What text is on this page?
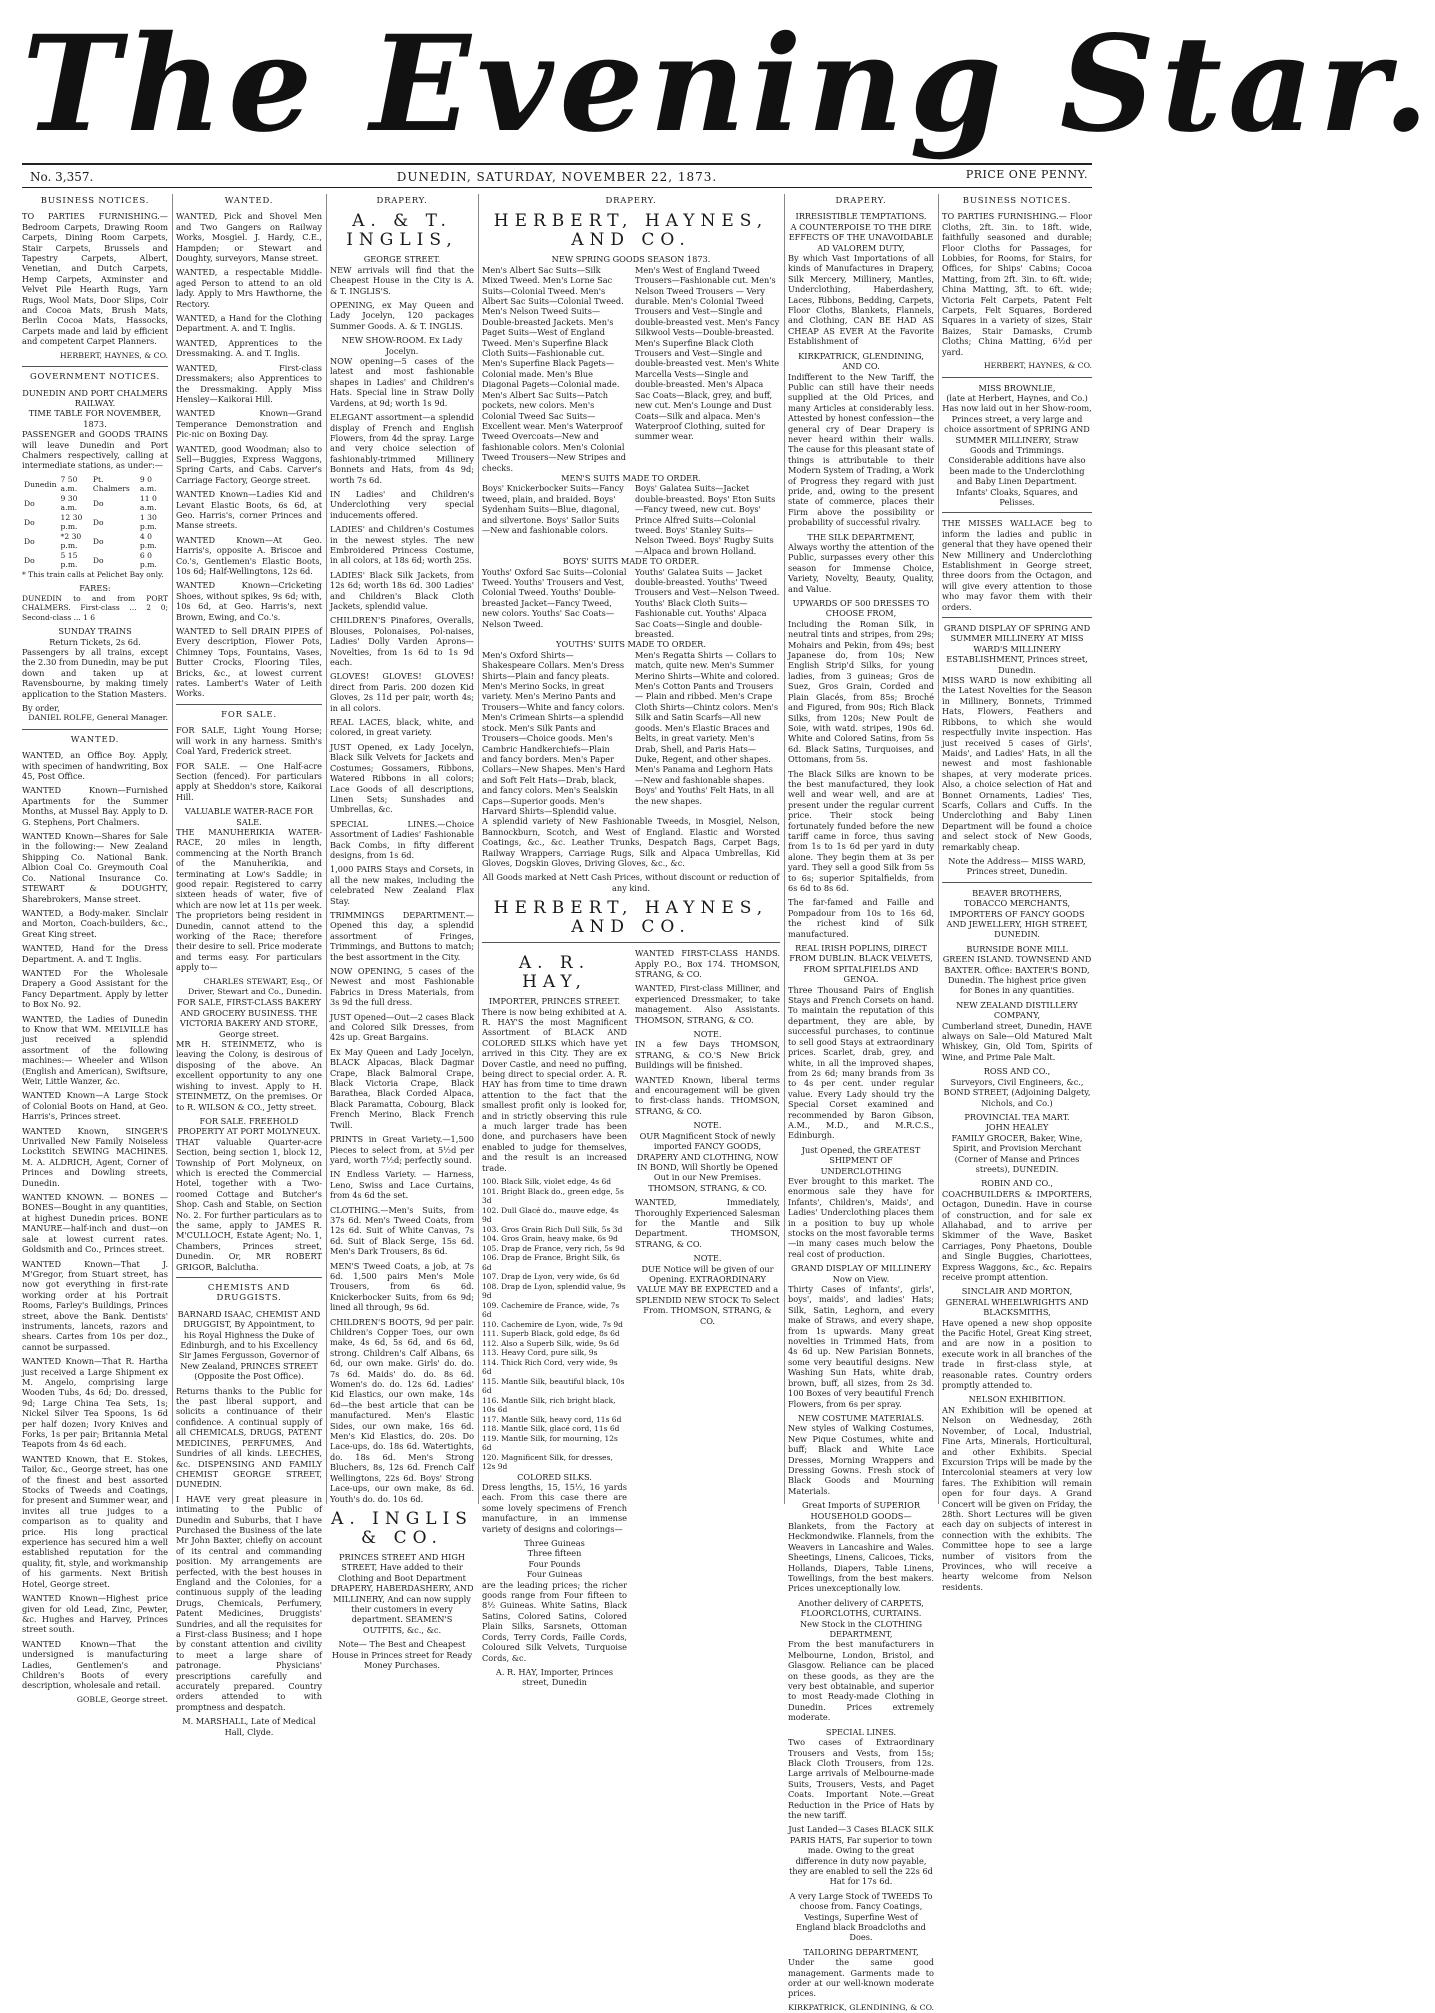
The Evening Star.
PRICE ONE PENNY.
No. 3,357.	DUNEDIN, SATURDAY, NOVEMBER 22, 1873.
BUSINESS NOTICES.

TO PARTIES FURNISHING.— Bedroom Carpets, Drawing Room Carpets, Dining Room Carpets, Stair Carpets, Brussels and Tapestry Carpets, Albert, Venetian, and Dutch Carpets, Hemp Carpets, Axminster and Velvet Pile Hearth Rugs, Yarn Rugs, Wool Mats, Door Slips, Coir and Cocoa Mats, Brush Mats, Berlin Cocoa Mats, Hassocks, Carpets made and laid by efficient and competent Carpet Planners.

HERBERT, HAYNES, & CO.
GOVERNMENT NOTICES.
DUNEDIN AND PORT CHALMERS RAILWAY.
TIME TABLE FOR NOVEMBER, 1873.

PASSENGER and GOODS TRAINS will leave Dunedin and Port Chalmers respectively, calling at intermediate stations, as under:—

Dunedin	7 50 a.m.	Pt. Chalmers	9 0 a.m.
Do	9 30 a.m.	Do	11 0 a.m.
Do	12 30 p.m.	Do	1 30 p.m.
Do	*2 30 p.m.	Do	4 0 p.m.
Do	5 15 p.m.	Do	6 0 p.m.

* This train calls at Pelichet Bay only.

FARES:

DUNEDIN to and from PORT CHALMERS. First-class ... 2 0; Second-class ... 1 6

SUNDAY TRAINS
Return Tickets, 2s 6d.

Passengers by all trains, except the 2.30 from Dunedin, may be put down and taken up at Ravensbourne, by making timely application to the Station Masters.

By order,
DANIEL ROLFE, General Manager.
WANTED.

WANTED, an Office Boy. Apply, with specimen of handwriting, Box 45, Post Office.

WANTED Known—Furnished Apartments for the Summer Months, at Mussel Bay. Apply to D. G. Stephens, Port Chalmers.

WANTED Known—Shares for Sale in the following:— New Zealand Shipping Co. National Bank. Albion Coal Co. Greymouth Coal Co. National Insurance Co. STEWART & DOUGHTY, Sharebrokers, Manse street.

WANTED, a Body-maker. Sinclair and Morton, Coach-builders, &c., Great King street.

WANTED, Hand for the Dress Department. A. and T. Inglis.

WANTED For the Wholesale Drapery a Good Assistant for the Fancy Department. Apply by letter to Box No. 92.

WANTED, the Ladies of Dunedin to Know that WM. MELVILLE has just received a splendid assortment of the following machines:— Wheeler and Wilson (English and American), Swiftsure, Weir, Little Wanzer, &c.

WANTED Known—A Large Stock of Colonial Boots on Hand, at Geo. Harris's, Princes street.

WANTED Known, SINGER'S Unrivalled New Family Noiseless Lockstitch SEWING MACHINES. M. A. ALDRICH, Agent, Corner of Princes and Dowling streets, Dunedin.

WANTED KNOWN. — BONES — BONES—Bought in any quantities, at highest Dunedin prices. BONE MANURE—half-inch and dust—on sale at lowest current rates. Goldsmith and Co., Princes street.

WANTED Known—That J. M'Gregor, from Stuart street, has now got everything in first-rate working order at his Portrait Rooms, Farley's Buildings, Princes street, above the Bank. Dentists' instruments, lancets, razors and shears. Cartes from 10s per doz., cannot be surpassed.

WANTED Known—That R. Hartha just received a Large Shipment ex M. Angelo, comprising large Wooden Tubs, 4s 6d; Do. dressed, 9d; Large China Tea Sets, 1s; Nickel Silver Tea Spoons, 1s 6d per half dozen; Ivory Knives and Forks, 1s per pair; Britannia Metal Teapots from 4s 6d each.

WANTED Known, that E. Stokes, Tailor, &c., George street, has one of the finest and best assorted Stocks of Tweeds and Coatings, for present and Summer wear, and invites all true judges to a comparison as to quality and price. His long practical experience has secured him a well established reputation for the quality, fit, style, and workmanship of his garments. Next British Hotel, George street.

WANTED Known—Highest price given for old Lead, Zinc, Pewter, &c. Hughes and Harvey, Princes street south.

WANTED Known—That the undersigned is manufacturing Ladies, Gentlemen's and Children's Boots of every description, wholesale and retail.

GOBLE, George street.
WANTED.

WANTED, Pick and Shovel Men and Two Gangers on Railway Works, Mosgiel. J. Hardy, C.E., Hampden; or Stewart and Doughty, surveyors, Manse street.

WANTED, a respectable Middle-aged Person to attend to an old lady. Apply to Mrs Hawthorne, the Rectory.

WANTED, a Hand for the Clothing Department. A. and T. Inglis.

WANTED, Apprentices to the Dressmaking. A. and T. Inglis.

WANTED, First-class Dressmakers; also Apprentices to the Dressmaking. Apply Miss Hensley—Kaikorai Hill.

WANTED Known—Grand Temperance Demonstration and Pic-nic on Boxing Day.

WANTED, good Woodman; also to Sell—Buggies, Express Waggons, Spring Carts, and Cabs. Carver's Carriage Factory, George street.

WANTED Known—Ladies Kid and Levant Elastic Boots, 6s 6d, at Geo. Harris's, corner Princes and Manse streets.

WANTED Known—At Geo. Harris's, opposite A. Briscoe and Co.'s, Gentlemen's Elastic Boots, 10s 6d; Half-Wellingtons, 12s 6d.

WANTED Known—Cricketing Shoes, without spikes, 9s 6d; with, 10s 6d, at Geo. Harris's, next Brown, Ewing, and Co.'s.

WANTED to Sell DRAIN PIPES of Every description, Flower Pots, Chimney Tops, Fountains, Vases, Butter Crocks, Flooring Tiles, Bricks, &c., at lowest current rates. Lambert's Water of Leith Works.

FOR SALE.

FOR SALE, Light Young Horse; will work in any harness. Smith's Coal Yard, Frederick street.

FOR SALE. — One Half-acre Section (fenced). For particulars apply at Sheddon's store, Kaikorai Hill.

VALUABLE WATER-RACE FOR SALE.

THE MANUHERIKIA WATER-RACE, 20 miles in length, commencing at the North Branch of the Manuherikia, and terminating at Low's Saddle; in good repair. Registered to carry sixteen heads of water, five of which are now let at 11s per week. The proprietors being resident in Dunedin, cannot attend to the working of the Race; therefore their desire to sell. Price moderate and terms easy. For particulars apply to—

CHARLES STEWART, Esq., Of Driver, Stewart and Co., Dunedin.
FOR SALE, FIRST-CLASS BAKERY AND GROCERY BUSINESS. THE VICTORIA BAKERY AND STORE, George street.

MR H. STEINMETZ, who is leaving the Colony, is desirous of disposing of the above. An excellent opportunity to any one wishing to invest. Apply to H. STEINMETZ, On the premises. Or to R. WILSON & CO., Jetty street.

FOR SALE. FREEHOLD PROPERTY AT PORT MOLYNEUX.

THAT valuable Quarter-acre Section, being section 1, block 12, Township of Port Molyneux, on which is erected the Commercial Hotel, together with a Two-roomed Cottage and Butcher's Shop. Cash and Stable, on Section No. 2. For further particulars as to the same, apply to JAMES R. M'CULLOCH, Estate Agent; No. 1, Chambers, Princes street, Dunedin. Or, MR ROBERT GRIGOR, Balclutha.

CHEMISTS AND DRUGGISTS.

BARNARD ISAAC, CHEMIST AND DRUGGIST, By Appointment, to his Royal Highness the Duke of Edinburgh, and to his Excellency Sir James Fergusson, Governor of New Zealand, PRINCES STREET (Opposite the Post Office).

Returns thanks to the Public for the past liberal support, and solicits a continuance of their confidence. A continual supply of all CHEMICALS, DRUGS, PATENT MEDICINES, PERFUMES, And Sundries of all kinds. LEECHES, &c. DISPENSING AND FAMILY CHEMIST GEORGE STREET, DUNEDIN.

I HAVE very great pleasure in intimating to the Public of Dunedin and Suburbs, that I have Purchased the Business of the late Mr John Baxter, chiefly on account of its central and commanding position. My arrangements are perfected, with the best houses in England and the Colonies, for a continuous supply of the leading Drugs, Chemicals, Perfumery, Patent Medicines, Druggists' Sundries, and all the requisites for a First-class Business; and I hope by constant attention and civility to meet a large share of patronage. Physicians' prescriptions carefully and accurately prepared. Country orders attended to with promptness and despatch.

M. MARSHALL, Late of Medical Hall, Clyde.
DRAPERY.
A. & T. INGLIS,
GEORGE STREET.

NEW arrivals will find that the Cheapest House in the City is A. & T. INGLIS'S.

OPENING, ex May Queen and Lady Jocelyn, 120 packages Summer Goods. A. & T. INGLIS.

NEW SHOW-ROOM. Ex Lady Jocelyn.

NOW opening—5 cases of the latest and most fashionable shapes in Ladies' and Children's Hats. Special line in Straw Dolly Vardens, at 9d; worth 1s 9d.

ELEGANT assortment—a splendid display of French and English Flowers, from 4d the spray. Large and very choice selection of fashionably-trimmed Millinery Bonnets and Hats, from 4s 9d; worth 7s 6d.

IN Ladies' and Children's Underclothing very special inducements offered.

LADIES' and Children's Costumes in the newest styles. The new Embroidered Princess Costume, in all colors, at 18s 6d; worth 25s.

LADIES' Black Silk Jackets, from 12s 6d; worth 18s 6d. 300 Ladies' and Children's Black Cloth Jackets, splendid value.

CHILDREN'S Pinafores, Overalls, Blouses, Polonaises, Pol-naises, Ladies' Dolly Varden Aprons—Novelties, from 1s 6d to 1s 9d each.

GLOVES! GLOVES! GLOVES! direct from Paris. 200 dozen Kid Gloves, 2s 11d per pair, worth 4s; in all colors.

REAL LACES, black, white, and colored, in great variety.

JUST Opened, ex Lady Jocelyn, Black Silk Velvets for Jackets and Costumes; Gossamers, Ribbons, Watered Ribbons in all colors; Lace Goods of all descriptions, Linen Sets; Sunshades and Umbrellas, &c.

SPECIAL LINES.—Choice Assortment of Ladies' Fashionable Back Combs, in fifty different designs, from 1s 6d.

1,000 PAIRS Stays and Corsets, in all the new makes, including the celebrated New Zealand Flax Stay.

TRIMMINGS DEPARTMENT.—Opened this day, a splendid assortment of Fringes, Trimmings, and Buttons to match; the best assortment in the City.

NOW OPENING, 5 cases of the Newest and most Fashionable Fabrics in Dress Materials, from 3s 9d the full dress.

JUST Opened—Out—2 cases Black and Colored Silk Dresses, from 42s up. Great Bargains.

Ex May Queen and Lady Jocelyn, BLACK Alpacas, Black Dagmar Crape, Black Balmoral Crape, Black Victoria Crape, Black Barathea, Black Corded Alpaca, Black Paramatta, Cobourg, Black French Merino, Black French Twill.

PRINTS in Great Variety.—1,500 Pieces to select from, at 5½d per yard, worth 7½d; perfectly sound.

IN Endless Variety. — Harness, Leno, Swiss and Lace Curtains, from 4s 6d the set.

CLOTHING.—Men's Suits, from 37s 6d. Men's Tweed Coats, from 12s 6d. Suit of White Canvas, 7s 6d. Suit of Black Serge, 15s 6d. Men's Dark Trousers, 8s 6d.

MEN'S Tweed Coats, a job, at 7s 6d. 1,500 pairs Men's Mole Trousers, from 6s 6d. Knickerbocker Suits, from 6s 9d; lined all through, 9s 6d.

CHILDREN'S BOOTS, 9d per pair. Children's Copper Toes, our own make, 4s 6d, 5s 6d, and 6s 6d, strong. Children's Calf Albans, 6s 6d, our own make. Girls' do. do. 7s 6d. Maids' do. do. 8s 6d. Women's do. do. 12s 6d. Ladies' Kid Elastics, our own make, 14s 6d—the best article that can be manufactured. Men's Elastic Sides, our own make, 16s 6d. Men's Kid Elastics, do. 20s. Do Lace-ups, do. 18s 6d. Watertights, do. 18s 6d. Men's Strong Bluchers, 8s, 12s 6d. French Calf Wellingtons, 22s 6d. Boys' Strong Lace-ups, our own make, 8s 6d. Youth's do. do. 10s 6d.

A. INGLIS & CO.

PRINCES STREET AND HIGH STREET, Have added to their Clothing and Boot Department DRAPERY, HABERDASHERY, AND MILLINERY, And can now supply their customers in every department. SEAMEN'S OUTFITS, &c., &c.

Note— The Best and Cheapest House in Princes street for Ready Money Purchases.

DRAPERY.
HERBERT, HAYNES, AND CO.
NEW SPRING GOODS SEASON 1873.
Men's Albert Sac Suits—Silk Mixed Tweed. Men's Lorne Sac Suits—Colonial Tweed. Men's Albert Sac Suits—Colonial Tweed. Men's Nelson Tweed Suits—Double-breasted Jackets. Men's Paget Suits—West of England Tweed. Men's Superfine Black Cloth Suits—Fashionable cut. Men's Superfine Black Pagets—Colonial made. Men's Blue Diagonal Pagets—Colonial made. Men's Albert Sac Suits—Patch pockets, new colors. Men's Colonial Tweed Sac Suits—Excellent wear. Men's Waterproof Tweed Overcoats—New and fashionable colors. Men's Colonial Tweed Trousers—New Stripes and checks.
Men's West of England Tweed Trousers—Fashionable cut. Men's Nelson Tweed Trousers — Very durable. Men's Colonial Tweed Trousers and Vest—Single and double-breasted vest. Men's Fancy Silkwool Vests—Double-breasted. Men's Superfine Black Cloth Trousers and Vest—Single and double-breasted vest. Men's White Marcella Vests—Single and double-breasted. Men's Alpaca Sac Coats—Black, grey, and buff, new cut. Men's Lounge and Dust Coats—Silk and alpaca. Men's Waterproof Clothing, suited for summer wear.
MEN'S SUITS MADE TO ORDER.
Boys' Knickerbocker Suits—Fancy tweed, plain, and braided. Boys' Sydenham Suits—Blue, diagonal, and silvertone. Boys' Sailor Suits—New and fashionable colors.
Boys' Galatea Suits—Jacket double-breasted. Boys' Eton Suits—Fancy tweed, new cut. Boys' Prince Alfred Suits—Colonial tweed. Boys' Stanley Suits—Nelson Tweed. Boys' Rugby Suits—Alpaca and brown Holland.
BOYS' SUITS MADE TO ORDER.
Youths' Oxford Sac Suits—Colonial Tweed. Youths' Trousers and Vest, Colonial Tweed. Youths' Double-breasted Jacket—Fancy Tweed, new colors. Youths' Sac Coats—Nelson Tweed.
Youths' Galatea Suits — Jacket double-breasted. Youths' Tweed Trousers and Vest—Nelson Tweed. Youths' Black Cloth Suits—Fashionable cut. Youths' Alpaca Sac Coats—Single and double-breasted.
YOUTHS' SUITS MADE TO ORDER.
Men's Oxford Shirts—Shakespeare Collars. Men's Dress Shirts—Plain and fancy pleats. Men's Merino Socks, in great variety. Men's Merino Pants and Trousers—White and fancy colors. Men's Crimean Shirts—a splendid stock. Men's Silk Pants and Trousers—Choice goods. Men's Cambric Handkerchiefs—Plain and fancy borders. Men's Paper Collars—New Shapes. Men's Hard and Soft Felt Hats—Drab, black, and fancy colors. Men's Sealskin Caps—Superior goods. Men's Harvard Shirts—Splendid value.
Men's Regatta Shirts — Collars to match, quite new. Men's Summer Merino Shirts—White and colored. Men's Cotton Pants and Trousers — Plain and ribbed. Men's Crape Cloth Shirts—Chintz colors. Men's Silk and Satin Scarfs—All new goods. Men's Elastic Braces and Belts, in great variety. Men's Drab, Shell, and Paris Hats—Duke, Regent, and other shapes. Men's Panama and Leghorn Hats—New and fashionable shapes. Boys' and Youths' Felt Hats, in all the new shapes.

A splendid variety of New Fashionable Tweeds, in Mosgiel, Nelson, Bannockburn, Scotch, and West of England. Elastic and Worsted Coatings, &c., &c. Leather Trunks, Despatch Bags, Carpet Bags, Railway Wrappers, Carriage Rugs, Silk and Alpaca Umbrellas, Kid Gloves, Dogskin Gloves, Driving Gloves, &c., &c.

All Goods marked at Nett Cash Prices, without discount or reduction of any kind.

HERBERT, HAYNES, AND CO.
A. R. HAY,
IMPORTER, PRINCES STREET.

There is now being exhibited at A. R. HAY'S the most Magnificent Assortment of BLACK AND COLORED SILKS which have yet arrived in this City. They are ex Dover Castle, and need no puffing, being direct to special order. A. R. HAY has from time to time drawn attention to the fact that the smallest profit only is looked for, and in strictly observing this rule a much larger trade has been done, and purchasers have been enabled to judge for themselves, and the result is an increased trade.

100. Black Silk, violet edge, 4s 6d
101. Bright Black do., green edge, 5s 3d
102. Dull Glacé do., mauve edge, 4s 9d
103. Gros Grain Rich Dull Silk, 5s 3d
104. Gros Grain, heavy make, 6s 9d
105. Drap de France, very rich, 5s 9d
106. Drap de France, Bright Silk, 6s 6d
107. Drap de Lyon, very wide, 6s 6d
108. Drap de Lyon, splendid value, 9s 9d
109. Cachemire de France, wide, 7s 6d
110. Cachemire de Lyon, wide, 7s 9d
111. Superb Black, gold edge, 8s 6d
112. Also a Superb Silk, wide, 9s 6d
113. Heavy Cord, pure silk, 9s
114. Thick Rich Cord, very wide, 9s 6d
115. Mantle Silk, beautiful black, 10s 6d
116. Mantle Silk, rich bright black, 10s 6d
117. Mantle Silk, heavy cord, 11s 6d
118. Mantle Silk, glacé cord, 11s 6d
119. Mantle Silk, for mourning, 12s 6d
120. Magnificent Silk, for dresses, 12s 9d
COLORED SILKS.

Dress lengths, 15, 15½, 16 yards each. From this case there are some lovely specimens of French manufacture, in an immense variety of designs and colorings—

Three Guineas
Three fifteen
Four Pounds
Four Guineas

are the leading prices; the richer goods range from Four fifteen to 8½ Guineas. White Satins, Black Satins, Colored Satins, Colored Plain Silks, Sarsnets, Ottoman Cords, Terry Cords, Faille Cords, Coloured Silk Velvets, Turquoise Cords, &c.

A. R. HAY, Importer, Princes street, Dunedin

WANTED FIRST-CLASS HANDS. Apply P.O., Box 174. THOMSON, STRANG, & CO.

WANTED, First-class Milliner, and experienced Dressmaker, to take management. Also Assistants. THOMSON, STRANG, & CO.

NOTE.

IN a few Days THOMSON, STRANG, & CO.'S New Brick Buildings will be finished.

WANTED Known, liberal terms and encouragement will be given to first-class hands. THOMSON, STRANG, & CO.

NOTE.

OUR Magnificent Stock of newly imported FANCY GOODS, DRAPERY AND CLOTHING, NOW IN BOND, Will Shortly be Opened Out in our New Premises. THOMSON, STRANG, & CO.

WANTED, Immediately, Thoroughly Experienced Salesman for the Mantle and Silk Department. THOMSON, STRANG, & CO.

NOTE.

DUE Notice will be given of our Opening. EXTRAORDINARY VALUE MAY BE EXPECTED and a SPLENDID NEW STOCK To Select From. THOMSON, STRANG, & CO.

DRAPERY.
IRRESISTIBLE TEMPTATIONS.
A COUNTERPOISE TO THE DIRE EFFECTS OF THE UNAVOIDABLE AD VALOREM DUTY,

By which Vast Importations of all kinds of Manufactures in Drapery, Silk Mercery, Millinery, Mantles, Underclothing, Haberdashery, Laces, Ribbons, Bedding, Carpets, Floor Cloths, Blankets, Flannels, and Clothing, CAN BE HAD AS CHEAP AS EVER At the Favorite Establishment of

KIRKPATRICK, GLENDINING, AND CO.

Indifferent to the New Tariff, the Public can still have their needs supplied at the Old Prices, and many Articles at considerably less. Attested by honest confession—the general cry of Dear Drapery is never heard within their walls. The cause for this pleasant state of things is attributable to their Modern System of Trading, a Work of Progress they regard with just pride, and, owing to the present state of commerce, places their Firm above the possibility or probability of successful rivalry.

THE SILK DEPARTMENT,

Always worthy the attention of the Public, surpasses every other this season for Immense Choice, Variety, Novelty, Beauty, Quality, and Value.

UPWARDS OF 500 DRESSES TO CHOOSE FROM,

Including the Roman Silk, in neutral tints and stripes, from 29s; Mohairs and Pekin, from 49s; best Japanese do, from 10s; New English Strip'd Silks, for young ladies, from 3 guineas; Gros de Suez, Gros Grain, Corded and Plain Glacés, from 85s; Broché and Figured, from 90s; Rich Black Silks, from 120s; New Poult de Soie, with watd. stripes, 190s 6d. White and Colored Satins, from 5s 6d. Black Satins, Turquoises, and Ottomans, from 5s.

The Black Silks are known to be the best manufactured, they look well and wear well, and are at present under the regular current price. Their stock being fortunately funded before the new tariff came in force, thus saving from 1s to 1s 6d per yard in duty alone. They begin them at 3s per yard. They sell a good Silk from 5s to 6s; superior Spitalfields, from 6s 6d to 8s 6d.

The far-famed and Faille and Pompadour from 10s to 16s 6d, the richest kind of Silk manufactured.

REAL IRISH POPLINS, DIRECT FROM DUBLIN. BLACK VELVETS, FROM SPITALFIELDS AND GENOA.

Three Thousand Pairs of English Stays and French Corsets on hand. To maintain the reputation of this department, they are able, by successful purchases, to continue to sell good Stays at extraordinary prices. Scarlet, drab, grey, and white, in all the improved shapes, from 2s 6d; many brands from 3s to 4s per cent. under regular value. Every Lady should try the Special Corset examined and recommended by Baron Gibson, A.M., M.D., and M.R.C.S., Edinburgh.

Just Opened, the GREATEST SHIPMENT OF UNDERCLOTHING

Ever brought to this market. The enormous sale they have for Infants', Children's, Maids', and Ladies' Underclothing places them in a position to buy up whole stocks on the most favorable terms—in many cases much below the real cost of production.

GRAND DISPLAY OF MILLINERY Now on View.

Thirty Cases of infants', girls', boys', maids', and ladies' Hats; Silk, Satin, Leghorn, and every make of Straws, and every shape, from 1s upwards. Many great novelties in Trimmed Hats, from 4s 6d up. New Parisian Bonnets, some very beautiful designs. New Washing Sun Hats, white drab, brown, buff, all sizes, from 2s 3d. 100 Boxes of very beautiful French Flowers, from 6s per spray.

NEW COSTUME MATERIALS.

New styles of Walking Costumes, New Pique Costumes, white and buff; Black and White Lace Dresses, Morning Wrappers and Dressing Gowns. Fresh stock of Black Goods and Mourning Materials.

Great Imports of SUPERIOR HOUSEHOLD GOODS—

Blankets, from the Factory at Heckmondwike. Flannels, from the Weavers in Lancashire and Wales. Sheetings, Linens, Calicoes, Ticks, Hollands, Diapers, Table Linens, Towellings, from the best makers. Prices unexceptionally low.

Another delivery of CARPETS, FLOORCLOTHS, CURTAINS.
New Stock in the CLOTHING DEPARTMENT,

From the best manufacturers in Melbourne, London, Bristol, and Glasgow. Reliance can be placed on these goods, as they are the very best obtainable, and superior to most Ready-made Clothing in Dunedin. Prices extremely moderate.

SPECIAL LINES.

Two cases of Extraordinary Trousers and Vests, from 15s; Black Cloth Trousers, from 12s. Large arrivals of Melbourne-made Suits, Trousers, Vests, and Paget Coats. Important Note.—Great Reduction in the Price of Hats by the new tariff.

Just Landed—3 Cases BLACK SILK PARIS HATS, Far superior to town made. Owing to the great difference in duty now payable, they are enabled to sell the 22s 6d Hat for 17s 6d.

A very Large Stock of TWEEDS To choose from. Fancy Coatings, Vestings, Superfine West of England black Broadcloths and Does.

TAILORING DEPARTMENT,

Under the same good management. Garments made to order at our well-known moderate prices.

KIRKPATRICK, GLENDINING, & CO.
BUSINESS NOTICES.

TO PARTIES FURNISHING.— Floor Cloths, 2ft. 3in. to 18ft. wide, faithfully seasoned and durable; Floor Cloths for Passages, for Lobbies, for Rooms, for Stairs, for Offices, for Ships' Cabins; Cocoa Matting, from 2ft. 3in. to 6ft. wide; China Matting, 3ft. to 6ft. wide; Victoria Felt Carpets, Patent Felt Carpets, Felt Squares, Bordered Squares in a variety of sizes, Stair Baizes, Stair Damasks, Crumb Cloths; China Matting, 6½d per yard.

HERBERT, HAYNES, & CO.
MISS BROWNLIE,

(late at Herbert, Haynes, and Co.) Has now laid out in her Show-room, Princes street, a very large and choice assortment of SPRING AND SUMMER MILLINERY, Straw Goods and Trimmings. Considerable additions have also been made to the Underclothing and Baby Linen Department. Infants' Cloaks, Squares, and Pelisses.

THE MISSES WALLACE beg to inform the ladies and public in general that they have opened their New Millinery and Underclothing Establishment in George street, three doors from the Octagon, and will give every attention to those who may favor them with their orders.

GRAND DISPLAY OF SPRING AND SUMMER MILLINERY AT MISS WARD'S MILLINERY ESTABLISHMENT, Princes street, Dunedin.

MISS WARD is now exhibiting all the Latest Novelties for the Season in Millinery, Bonnets, Trimmed Hats, Flowers, Feathers and Ribbons, to which she would respectfully invite inspection. Has just received 5 cases of Girls', Maids', and Ladies' Hats, in all the newest and most fashionable shapes, at very moderate prices. Also, a choice selection of Hat and Bonnet Ornaments, Ladies' Ties, Scarfs, Collars and Cuffs. In the Underclothing and Baby Linen Department will be found a choice and select stock of New Goods, remarkably cheap.

Note the Address— MISS WARD, Princes street, Dunedin.
BEAVER BROTHERS,

TOBACCO MERCHANTS, IMPORTERS OF FANCY GOODS AND JEWELLERY, HIGH STREET, DUNEDIN.

BURNSIDE BONE MILL

GREEN ISLAND. TOWNSEND AND BAXTER. Office: BAXTER'S BOND, Dunedin. The highest price given for Bones in any quantities.

NEW ZEALAND DISTILLERY COMPANY,

Cumberland street, Dunedin, HAVE always on Sale—Old Matured Malt Whiskey, Gin, Old Tom, Spirits of Wine, and Prime Pale Malt.

ROSS AND CO.,

Surveyors, Civil Engineers, &c., BOND STREET, (Adjoining Dalgety, Nichols, and Co.)

PROVINCIAL TEA MART.
JOHN HEALEY

FAMILY GROCER, Baker, Wine, Spirit, and Provision Merchant (Corner of Manse and Princes streets), DUNEDIN.

ROBIN AND CO.,

COACHBUILDERS & IMPORTERS, Octagon, Dunedin. Have in course of construction, and for sale ex Allahabad, and to arrive per Skimmer of the Wave, Basket Carriages, Pony Phaetons, Double and Single Buggies, Chariottees, Express Waggons, &c., &c. Repairs receive prompt attention.

SINCLAIR AND MORTON, GENERAL WHEELWRIGHTS AND BLACKSMITHS,

Have opened a new shop opposite the Pacific Hotel, Great King street, and are now in a position to execute work in all branches of the trade in first-class style, at reasonable rates. Country orders promptly attended to.

NELSON EXHIBITION.

AN Exhibition will be opened at Nelson on Wednesday, 26th November, of Local, Industrial, Fine Arts, Minerals, Horticultural, and other Exhibits. Special Excursion Trips will be made by the Intercolonial steamers at very low fares. The Exhibition will remain open for four days. A Grand Concert will be given on Friday, the 28th. Short Lectures will be given each day on subjects of interest in connection with the exhibits. The Committee hope to see a large number of visitors from the Provinces, who will receive a hearty welcome from Nelson residents.
